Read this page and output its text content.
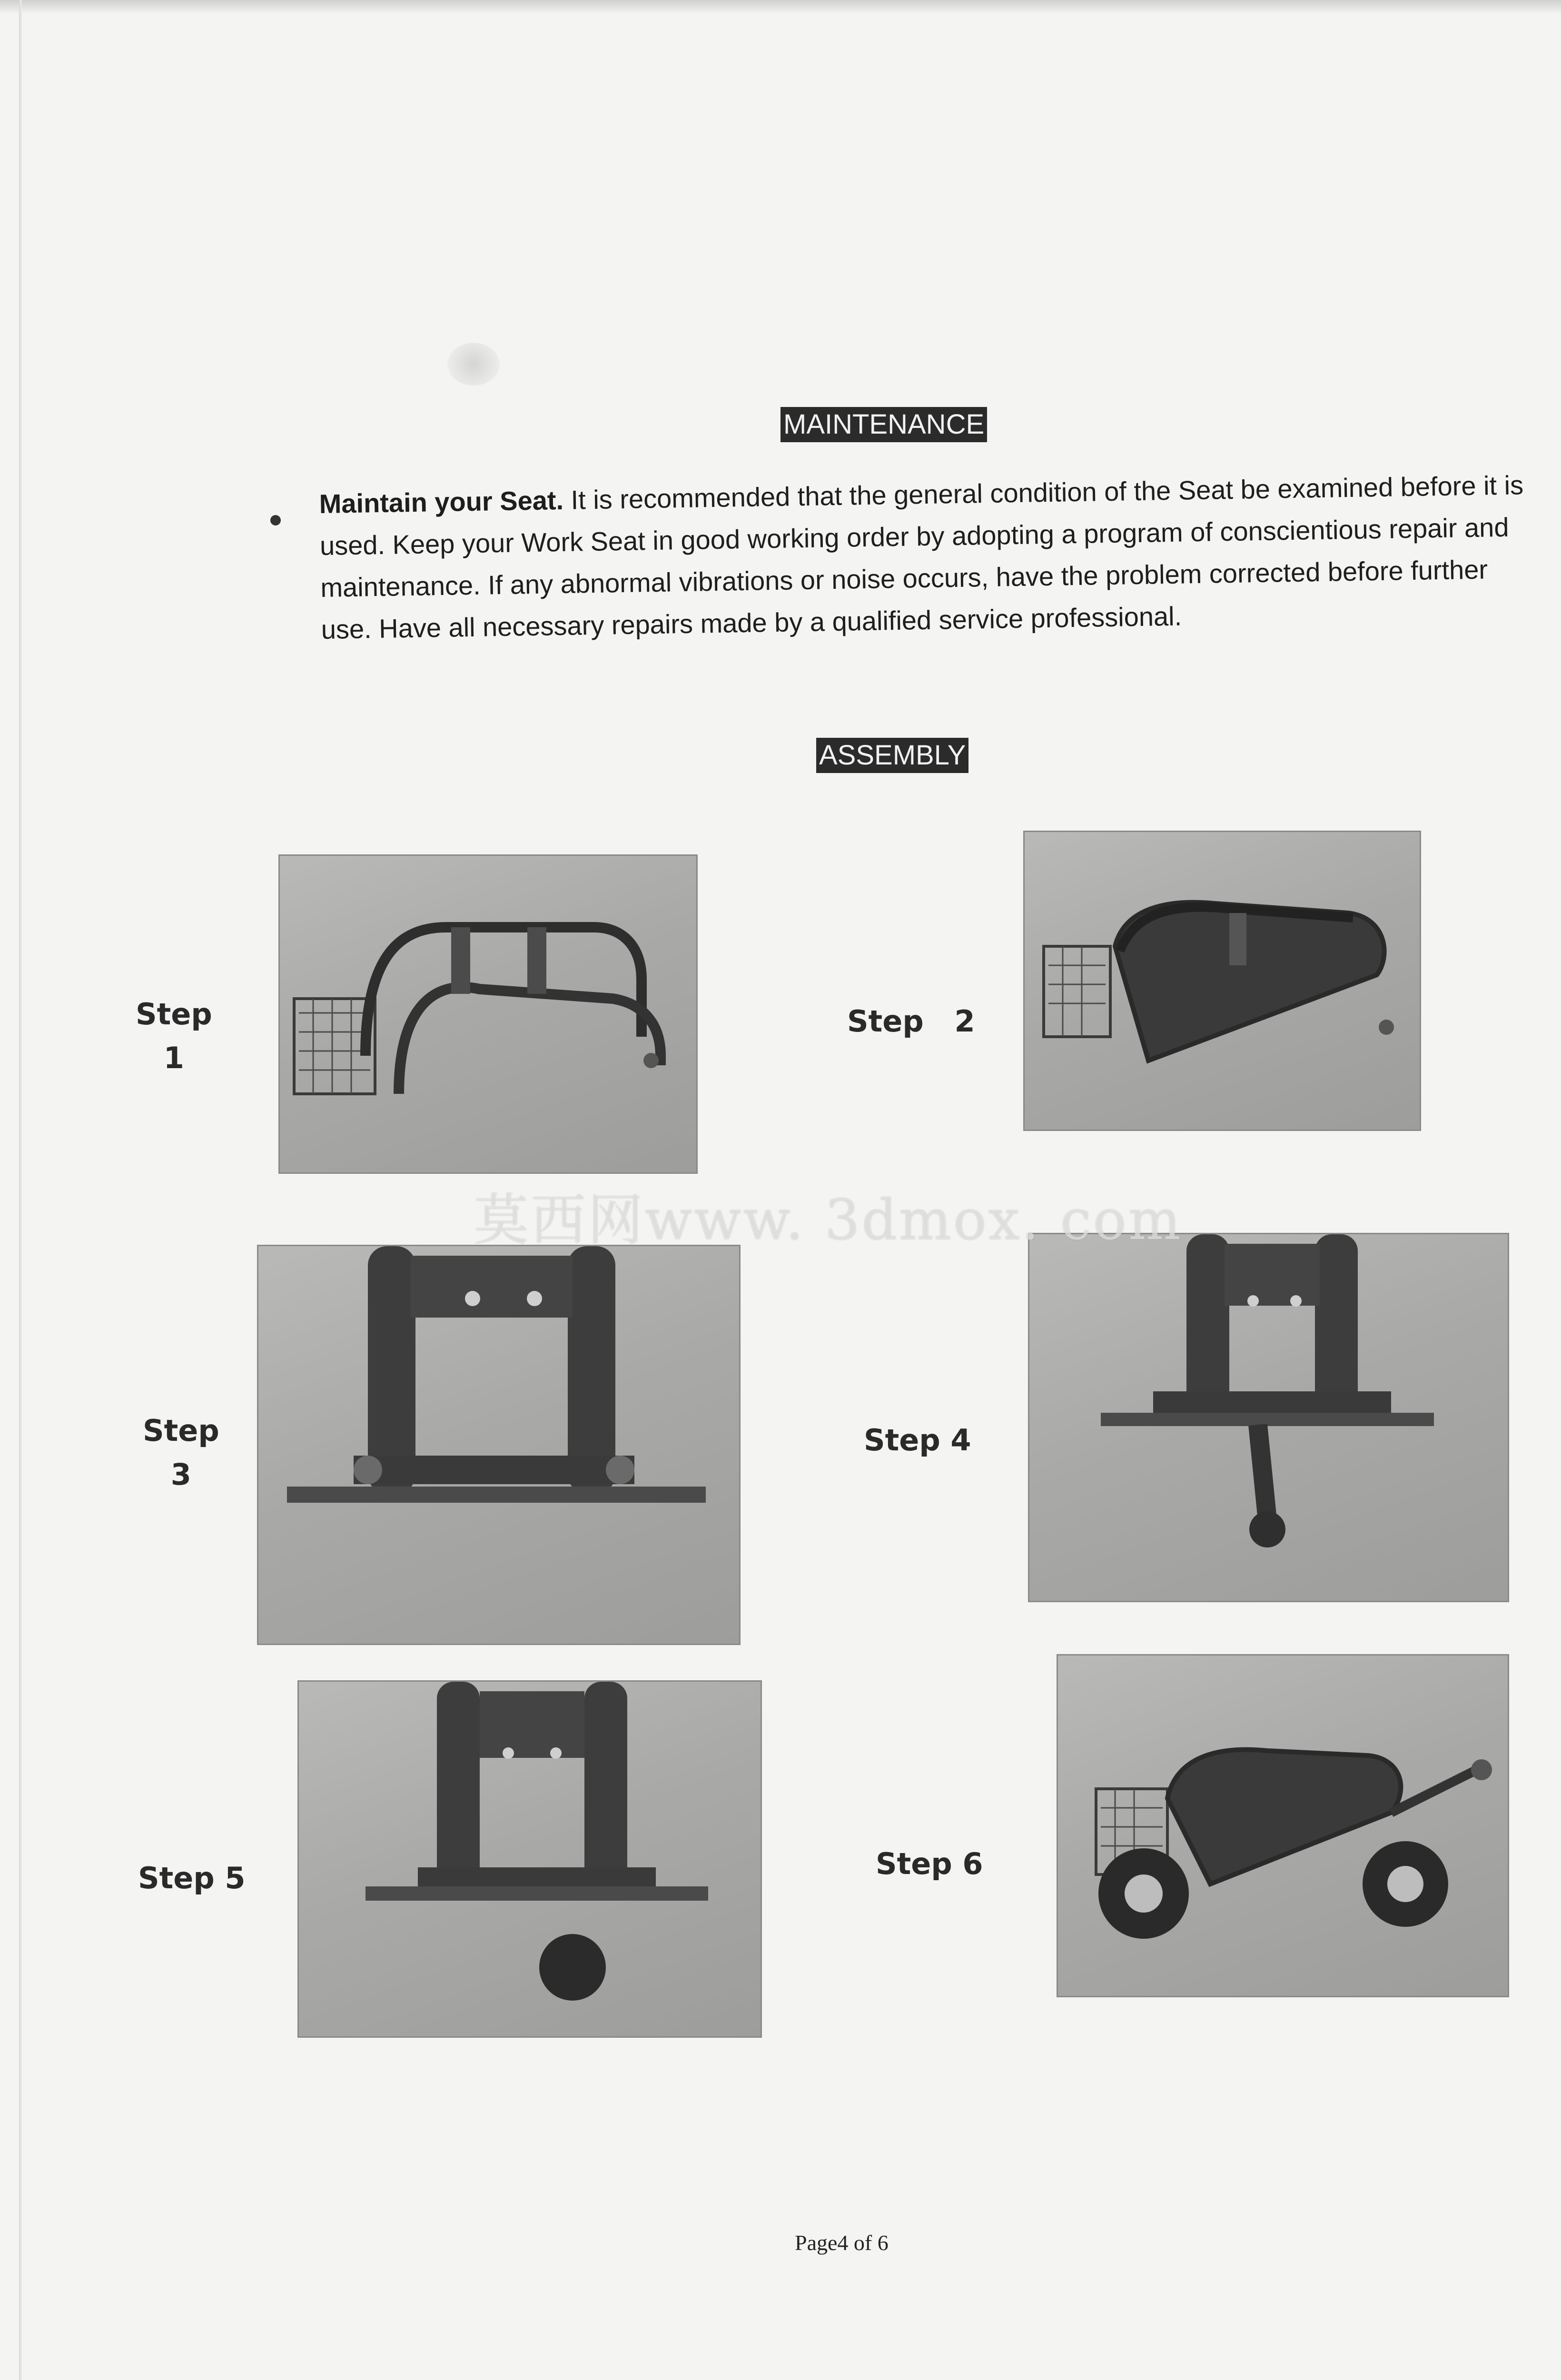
MAINTENANCE
Maintain your Seat. It is recommended that the general condition of the Seat be examined before it is used. Keep your Work Seat in good working order by adopting a program of conscientious repair and maintenance. If any abnormal vibrations or noise occurs, have the problem corrected before further use. Have all necessary repairs made by a qualified service professional.
ASSEMBLY
Step
1
Step 2
Step
3
Step 4
Step 5	Step 6
莫西网www. 3dmox. com
Page4 of 6
